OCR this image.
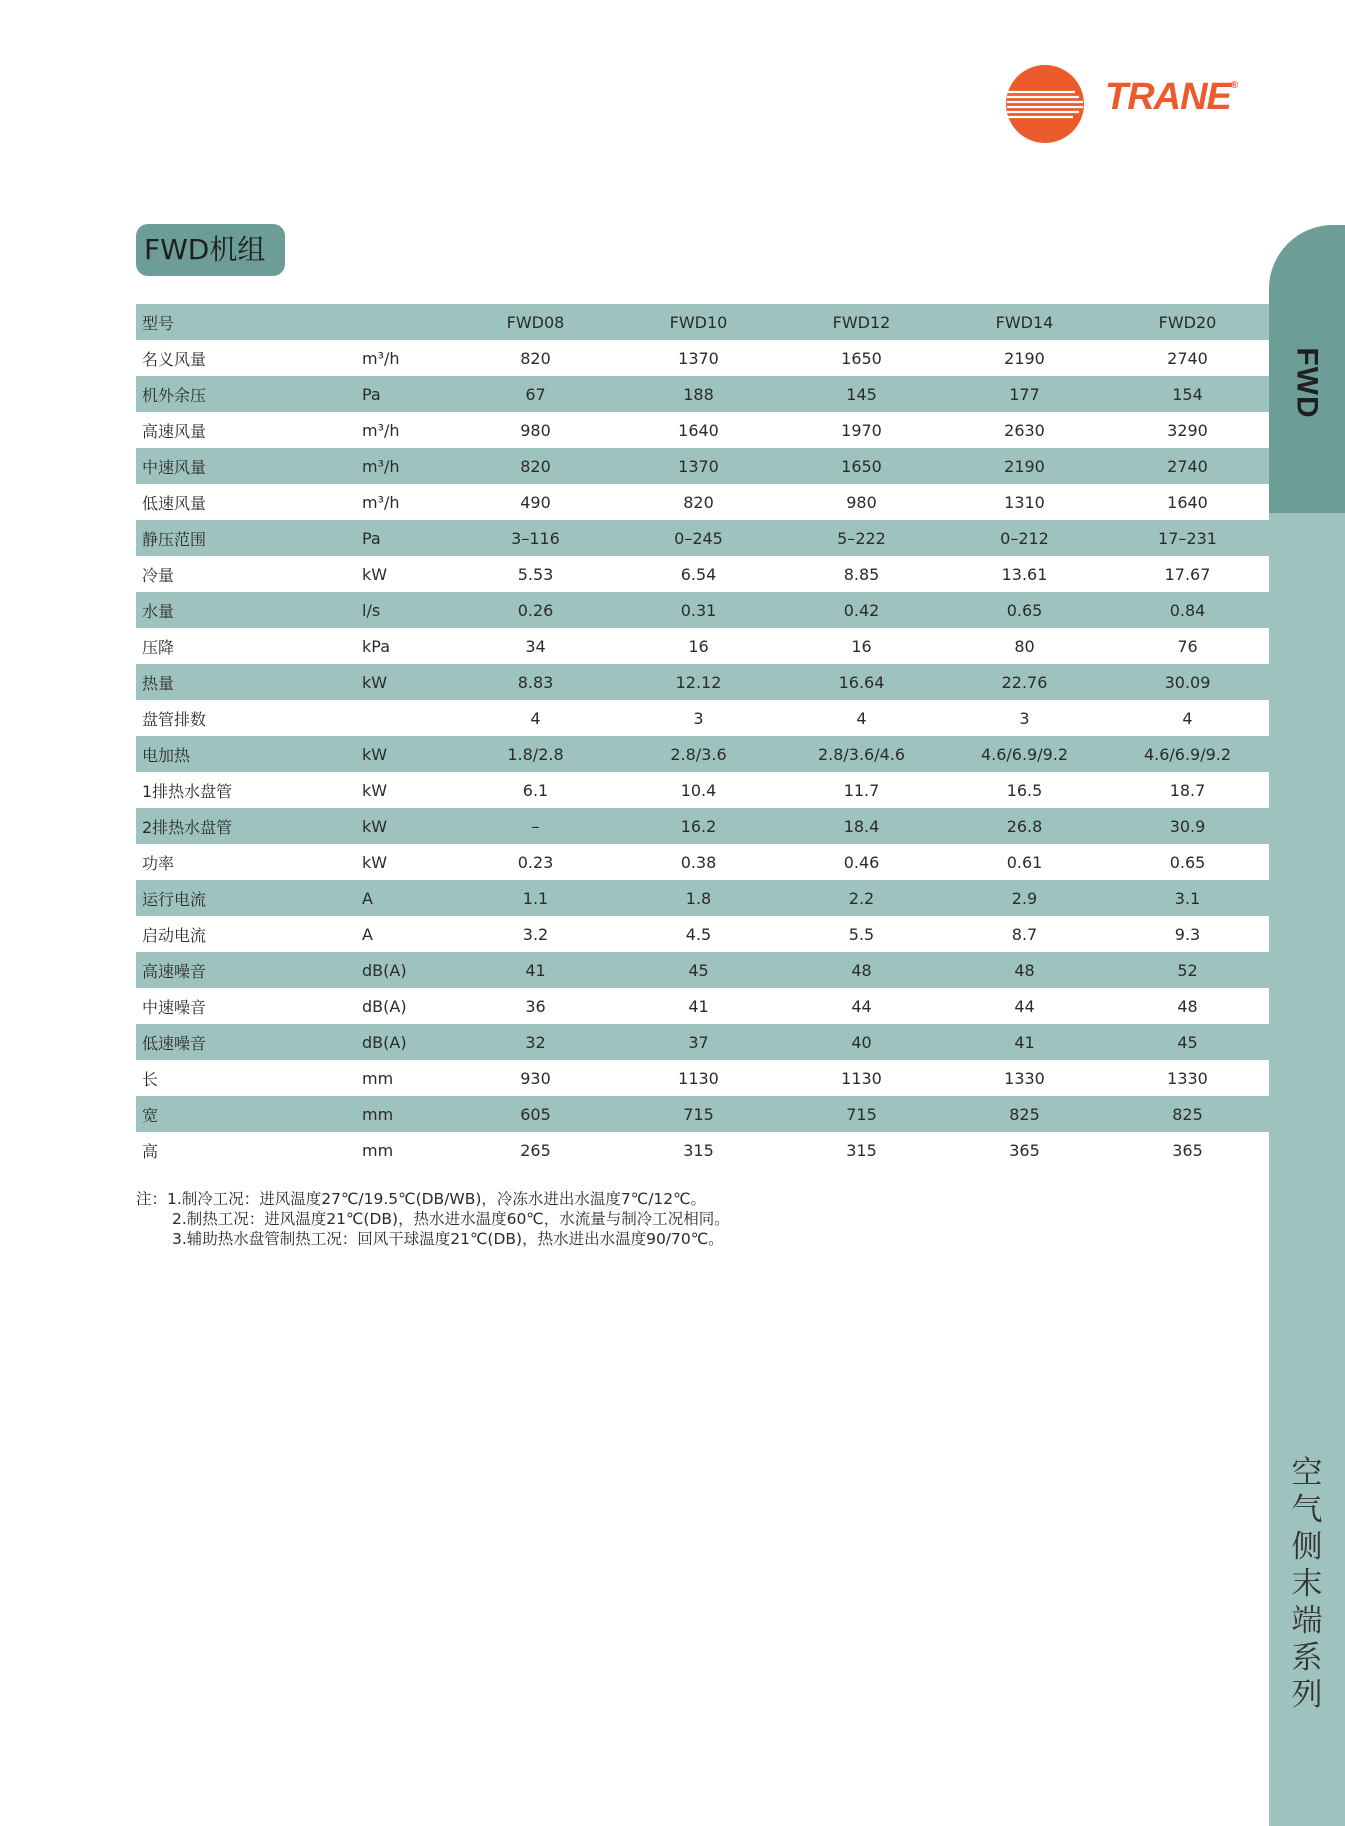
TRANE®
FWD
空
气
侧
末
端
系
列
FWD机组
型号		FWD08	FWD10	FWD12	FWD14	FWD20
名义风量	m³/h	820	1370	1650	2190	2740
机外余压	Pa	67	188	145	177	154
高速风量	m³/h	980	1640	1970	2630	3290
中速风量	m³/h	820	1370	1650	2190	2740
低速风量	m³/h	490	820	980	1310	1640
静压范围	Pa	3–116	0–245	5–222	0–212	17–231
冷量	kW	5.53	6.54	8.85	13.61	17.67
水量	l/s	0.26	0.31	0.42	0.65	0.84
压降	kPa	34	16	16	80	76
热量	kW	8.83	12.12	16.64	22.76	30.09
盘管排数		4	3	4	3	4
电加热	kW	1.8/2.8	2.8/3.6	2.8/3.6/4.6	4.6/6.9/9.2	4.6/6.9/9.2
1排热水盘管	kW	6.1	10.4	11.7	16.5	18.7
2排热水盘管	kW	–	16.2	18.4	26.8	30.9
功率	kW	0.23	0.38	0.46	0.61	0.65
运行电流	A	1.1	1.8	2.2	2.9	3.1
启动电流	A	3.2	4.5	5.5	8.7	9.3
高速噪音	dB(A)	41	45	48	48	52
中速噪音	dB(A)	36	41	44	44	48
低速噪音	dB(A)	32	37	40	41	45
长	mm	930	1130	1130	1330	1330
宽	mm	605	715	715	825	825
高	mm	265	315	315	365	365
注：1.制冷工况：进风温度27℃/19.5℃(DB/WB)，冷冻水进出水温度7℃/12℃。
2.制热工况：进风温度21℃(DB)，热水进水温度60℃，水流量与制冷工况相同。
3.辅助热水盘管制热工况：回风干球温度21℃(DB)，热水进出水温度90/70℃。
